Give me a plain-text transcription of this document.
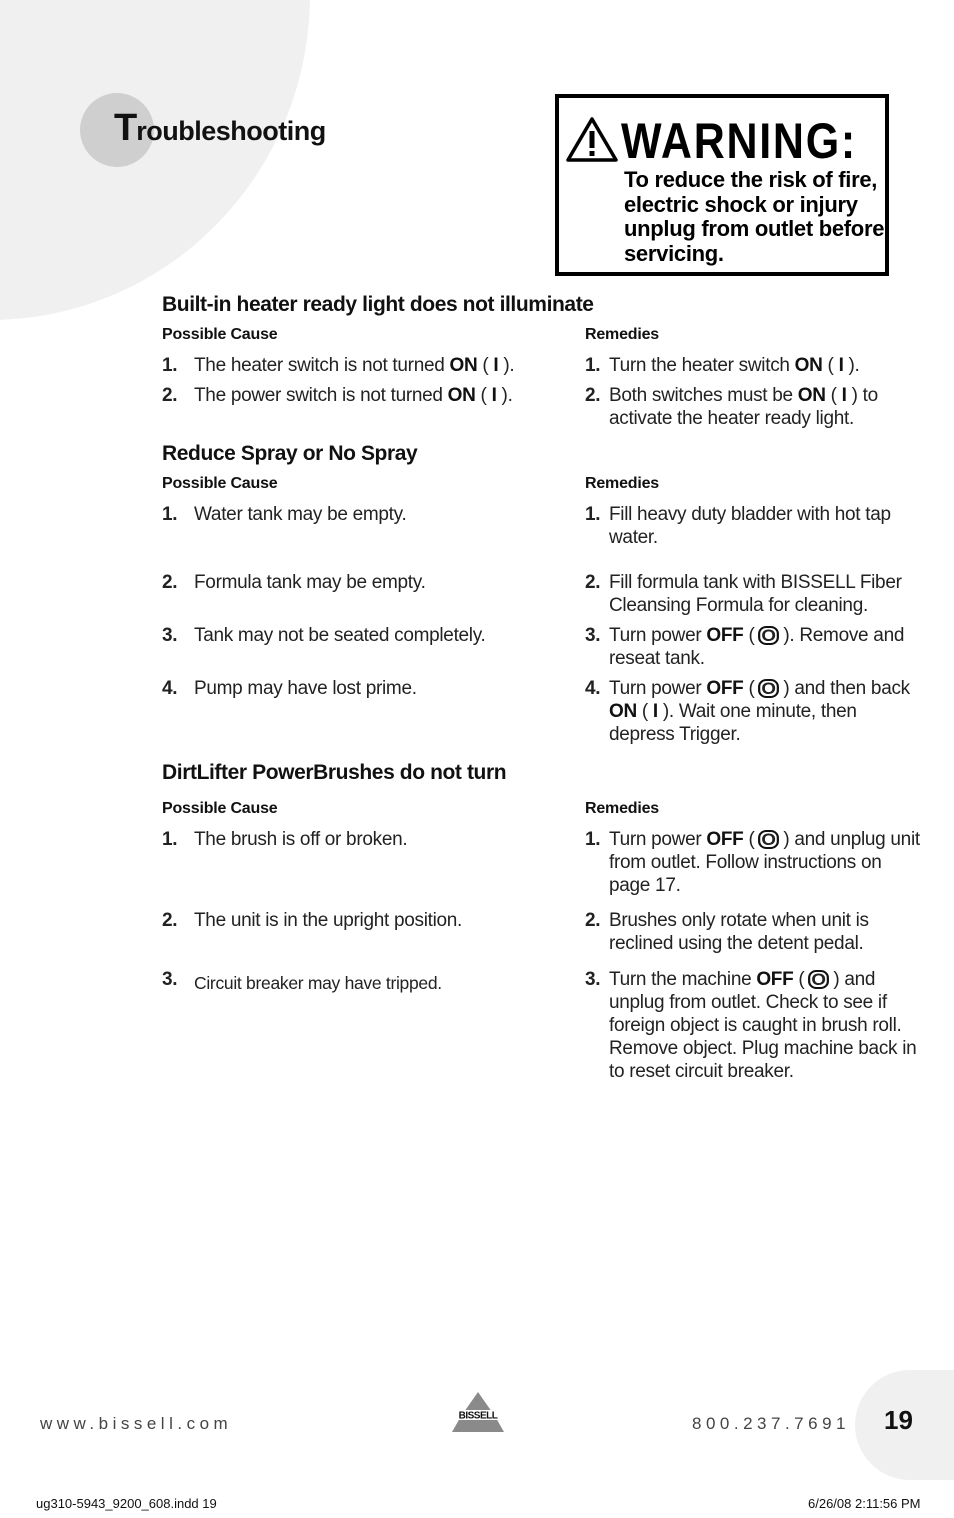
Troubleshooting	WARNING:
To reduce the risk of fire, electric shock or injury unplug from outlet before servicing.
Built-in heater ready light does not illuminate
Possible Cause	Remedies
1. The heater switch is not turned ON ( I ).	1. Turn the heater switch ON ( I ).
2. The power switch is not turned ON ( I ).	2. Both switches must be ON ( I ) to activate the heater ready light.
Reduce Spray or No Spray
Possible Cause	Remedies
1. Water tank may be empty.	1. Fill heavy duty bladder with hot tap water.
2. Formula tank may be empty.	2. Fill formula tank with BISSELL Fiber Cleansing Formula for cleaning.
3. Tank may not be seated completely.	3. Turn power OFF ( O ). Remove and reseat tank.
4. Pump may have lost prime.	4. Turn power OFF ( O ) and then back ON ( I ). Wait one minute, then depress Trigger.
DirtLifter PowerBrushes do not turn
Possible Cause	Remedies
1. The brush is off or broken.	1. Turn power OFF ( O ) and unplug unit from outlet. Follow instructions on page 17.
2. The unit is in the upright position.	2. Brushes only rotate when unit is reclined using the detent pedal.
3. Circuit breaker may have tripped.	3. Turn the machine OFF ( O ) and unplug from outlet. Check to see if foreign object is caught in brush roll. Remove object. Plug machine back in to reset circuit breaker.
www.bissell.com	BISSELL	800.237.7691 19
ug310-5943_9200_608.indd 19	6/26/08 2:11:56 PM
